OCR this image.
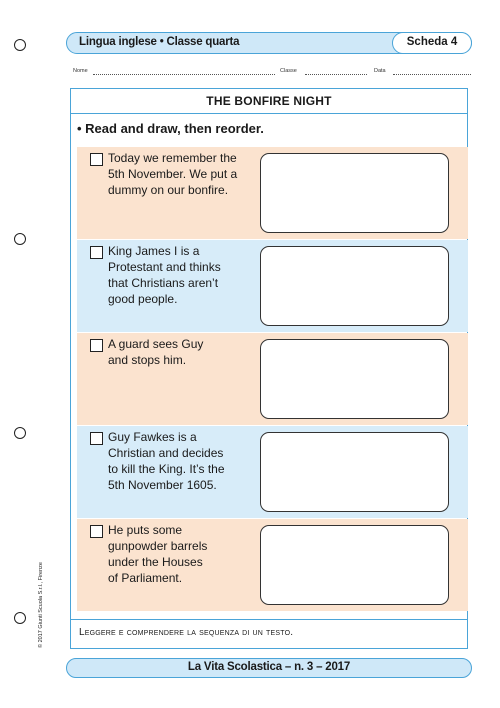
Lingua inglese • Classe quarta	Scheda 4
Nome	Classe	Data
THE BONFIRE NIGHT
• Read and draw, then reorder.
Today we remember the
5th November. We put a
dummy on our bonfire.
King James I is a
Protestant and thinks
that Christians aren’t
good people.
A guard sees Guy
and stops him.
Guy Fawkes is a
Christian and decides
to kill the King. It’s the
5th November 1605.
He puts some
gunpowder barrels
under the Houses
of Parliament.
Leggere e comprendere la sequenza di un testo.
© 2017 Giunti Scuola S.r.l., Firenze
La Vita Scolastica – n. 3 – 2017
